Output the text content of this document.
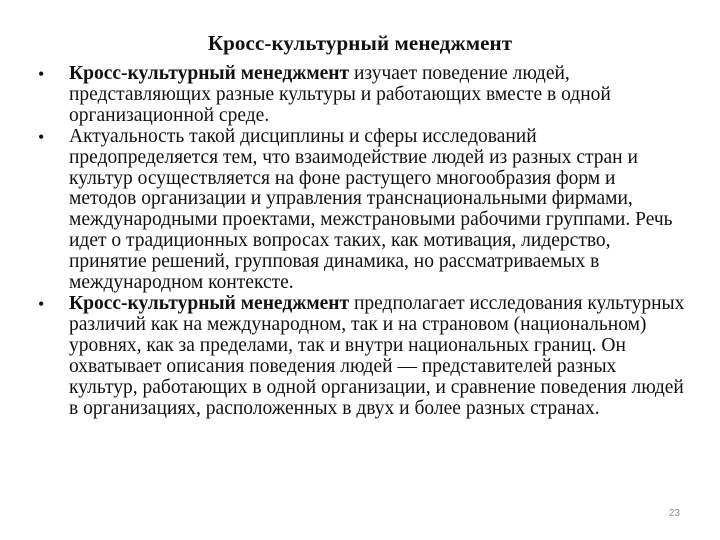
Кросс-культурный менеджмент
• Кросс-культурный менеджмент изучает поведение людей, представляющих разные культуры и работающих вместе в одной организационной среде.
• Актуальность такой дисциплины и сферы исследований предопределяется тем, что взаимодействие людей из разных стран и культур осуществляется на фоне растущего многообразия форм и методов организации и управления транснациональными фирмами, международными проектами, межстрановыми рабочими группами. Речь идет о традиционных вопросах таких, как мотивация, лидерство, принятие решений, групповая динамика, но рассматриваемых в международном контексте.
• Кросс-культурный менеджмент предполагает исследования культурных различий как на международном, так и на страновом (национальном) уровнях, как за пределами, так и внутри национальных границ. Он охватывает описания поведения людей — представителей разных культур, работающих в одной организации, и сравнение поведения людей в организациях, расположенных в двух и более разных странах.
23
